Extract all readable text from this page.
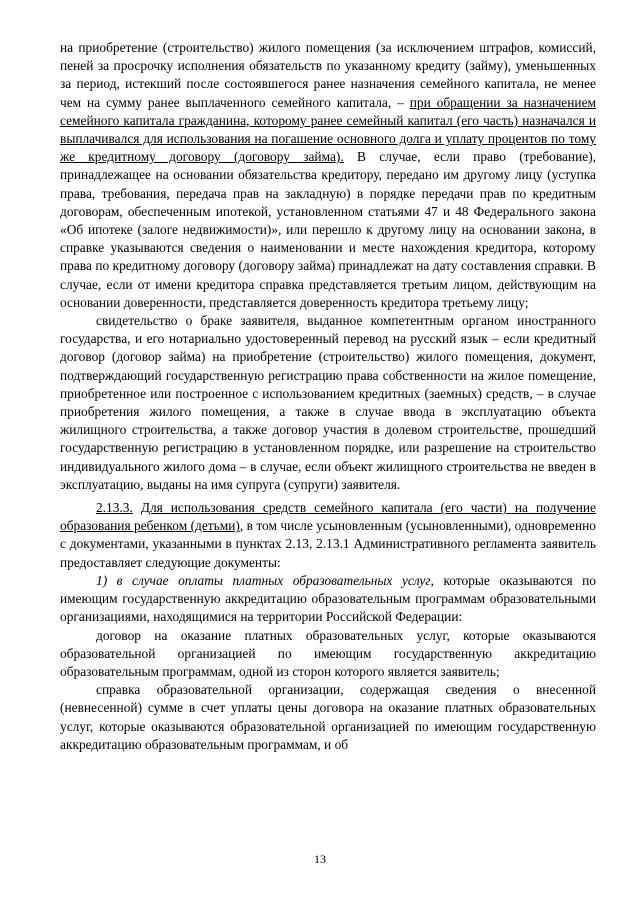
на приобретение (строительство) жилого помещения (за исключением штрафов, комиссий, пеней за просрочку исполнения обязательств по указанному кредиту (займу), уменьшенных за период, истекший после состоявшегося ранее назначения семейного капитала, не менее чем на сумму ранее выплаченного семейного капитала, – при обращении за назначением семейного капитала гражданина, которому ранее семейный капитал (его часть) назначался и выплачивался для использования на погашение основного долга и уплату процентов по тому же кредитному договору (договору займа). В случае, если право (требование), принадлежащее на основании обязательства кредитору, передано им другому лицу (уступка права, требования, передача прав на закладную) в порядке передачи прав по кредитным договорам, обеспеченным ипотекой, установленном статьями 47 и 48 Федерального закона «Об ипотеке (залоге недвижимости)», или перешло к другому лицу на основании закона, в справке указываются сведения о наименовании и месте нахождения кредитора, которому права по кредитному договору (договору займа) принадлежат на дату составления справки. В случае, если от имени кредитора справка представляется третьим лицом, действующим на основании доверенности, представляется доверенность кредитора третьему лицу;

свидетельство о браке заявителя, выданное компетентным органом иностранного государства, и его нотариально удостоверенный перевод на русский язык – если кредитный договор (договор займа) на приобретение (строительство) жилого помещения, документ, подтверждающий государственную регистрацию права собственности на жилое помещение, приобретенное или построенное с использованием кредитных (заемных) средств, – в случае приобретения жилого помещения, а также в случае ввода в эксплуатацию объекта жилищного строительства, а также договор участия в долевом строительстве, прошедший государственную регистрацию в установленном порядке, или разрешение на строительство индивидуального жилого дома – в случае, если объект жилищного строительства не введен в эксплуатацию, выданы на имя супруга (супруги) заявителя.

2.13.3. Для использования средств семейного капитала (его части) на получение образования ребенком (детьми), в том числе усыновленным (усыновленными), одновременно с документами, указанными в пунктах 2.13, 2.13.1 Административного регламента заявитель предоставляет следующие документы:

1) в случае оплаты платных образовательных услуг, которые оказываются по имеющим государственную аккредитацию образовательным программам образовательными организациями, находящимися на территории Российской Федерации:

договор на оказание платных образовательных услуг, которые оказываются образовательной организацией по имеющим государственную аккредитацию образовательным программам, одной из сторон которого является заявитель;

справка образовательной организации, содержащая сведения о внесенной (невнесенной) сумме в счет уплаты цены договора на оказание платных образовательных услуг, которые оказываются образовательной организацией по имеющим государственную аккредитацию образовательным программам, и об

13
